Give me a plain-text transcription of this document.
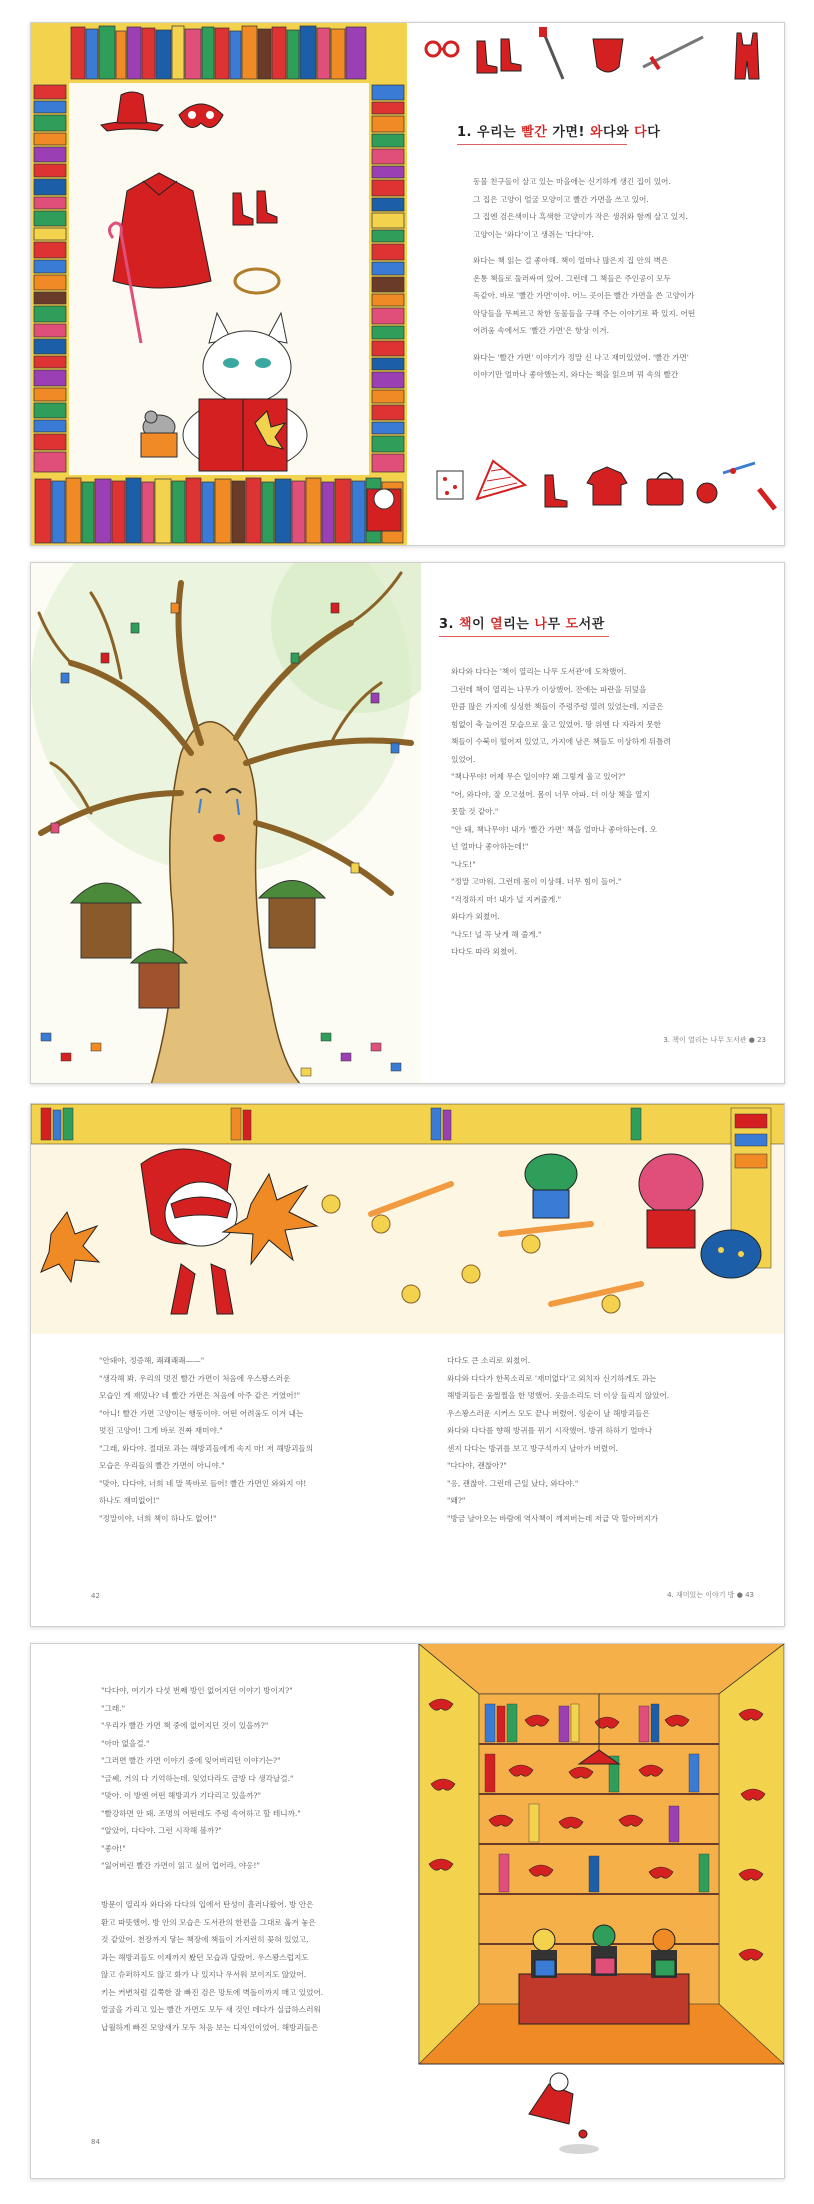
1. 우리는 빨간 가면! 와다와 다다

동물 친구들이 살고 있는 마을에는 신기하게 생긴 집이 있어.

그 집은 고양이 얼굴 모양이고 빨간 가면을 쓰고 있어.

그 집엔 검은색이나 흑색한 고양이가 작은 생쥐와 함께 살고 있지.

고양이는 '와다'이고 생쥐는 '다다'야.

와다는 책 읽는 걸 좋아해. 책이 얼마나 많은지 집 안의 벽은

온통 책들로 둘러싸여 있어. 그런데 그 책들은 주인공이 모두

독같아. 바로 '빨간 가면'이야. 어느 곳이든 빨간 가면을 쓴 고양이가

악당들을 무찌르고 착한 동물들을 구해 주는 이야기로 꽉 있지. 어떤

어려움 속에서도 '빨간 가면'은 항상 이겨.

와다는 '빨간 가면' 이야기가 정말 신 나고 재미있었어. '빨간 가면'

이야기만 얼마나 좋아했는지, 와다는 책을 읽으며 꿔 속의 빨간

3. 책이 열리는 나무 도서관

와다와 다다는 '책이 열리는 나무 도서관'에 도착했어.

그런데 책이 열리는 나무가 이상했어. 잔에는 파란을 뒤덮을

만큼 많은 가지에 싱싱한 책들이 주렁주렁 열려 있었는데, 지금은

힘없이 축 늘어진 모습으로 울고 있었어. 땅 위엔 다 자라지 못한

책들이 수북이 떨어져 있었고, 가지에 남은 책들도 이상하게 뒤틀려

있었어.

"책나무야! 어제 무슨 일이야? 왜 그렇게 울고 있어?"

"어, 와다야, 잘 오고셨어. 몸이 너무 아파. 더 이상 책을 열지

못할 것 같아."

"안 돼, 책나무야! 내가 '빨간 가면' 책을 얼마나 좋아하는데. 오

넌 얼마나 좋아하는데!"

"나도!"

"정말 고마워. 그런데 몸이 이상해. 너무 힘이 들어."

"걱정하지 마! 내가 널 지켜줄게."

와다가 외쳤어.

"나도! 널 꼭 낫게 해 줄게."

다다도 따라 외쳤어.

3. 책이 열리는 나무 도서관 ● 23

"안돼야, 정증해, 쾌쾌쾌쾌——"

"생각해 봐. 우리의 멋진 빨간 가면이 처음에 우스꽝스러운

모습인 게 재밌나? 네 빨간 가면은 처음에 아주 같은 거였어!"

"아니! 빨간 가면 고양이는 행동이야. 어떤 어려움도 이겨 내는

멋진 고양이! 그게 바로 진짜 재미야."

"그래, 와다야. 절대로 과는 해방괴들에게 속지 마! 저 해방괴들의

모습은 우리들의 빨간 가면이 아니야."

"맞아, 다다야, 너희 네 말 똑바로 들어! 빨간 가면인 와와지 야!

하나도 재미없어!"

"정말이야, 너희 책이 하나도 없어!"

다다도 큰 소리로 외쳤어.

와다와 다다가 한목소리로 '재미없다'고 외치자 신기하게도 과는

해방괴들은 움찔찔을 한 멍했어. 웃음소리도 더 이상 들리지 않았어.

우스꽝스러운 시커스 모도 끝나 버렸어. 잉순이 날 해방괴들은

와다와 다다를 향해 방귀를 뀌기 시작했어. 방귀 하하기 얼마나

센지 다다는 방귀를 보고 방구석까지 날아가 버렸어.

"다다야, 괜찮아?"

"응, 괜찮아. 그런데 근일 났다, 와다야."

"왜?"

"방금 날아오는 바람에 역사책이 깨져버는데 저급 막 할아버지가

42	4. 재미있는 이야기 방 ● 43

"다다야, 여기가 다섯 번째 방인 없어지던 이야기 방이지?"

"그래."

"우리가 빨간 가면 책 중에 없어지던 것이 있을까?"

"아마 없을걸."

"그러면 빨간 가면 이야기 중에 잊어버리던 이야기는?"

"글쎄, 거의 다 기억하는데. 잊었다라도 금방 다 생각날걸."

"맞아. 이 방엔 어떤 해방괴가 기다리고 있을까?"

"빨강하면 안 돼. 조명의 어떤데도 주렁 속어하고 할 테니까."

"알았어, 다다야. 그런 시작해 볼까?"

"좋아!"

"잃어버린 빨간 가면이 읽고 싶어 업어라, 야옹!"

방문이 열리자 와다와 다다의 입에서 탄성이 흘러나왔어. 방 안은

환고 따뜻했어. 방 안의 모습은 도서관의 한편을 그대로 옮겨 놓은

것 같았어. 천장까지 닿는 책장에 책들이 가지런히 꽂혀 있었고,

과는 해방괴들도 이제까지 봤던 모습과 달랐어. 우스꽝스럽지도

않고 슈퍼하지도 않고 화가 나 있지나 우서워 보이지도 않았어.

키는 커변처럼 길쭉한 잘 빠진 검은 망토에 벽돌이까지 매고 있었어.

얼굴을 가리고 있는 빨간 가면도 모두 새 것인 데다가 실급하스러워

납월하게 빠진 모양새가 모두 처음 보는 디자인이었어. 해방괴들은

84
